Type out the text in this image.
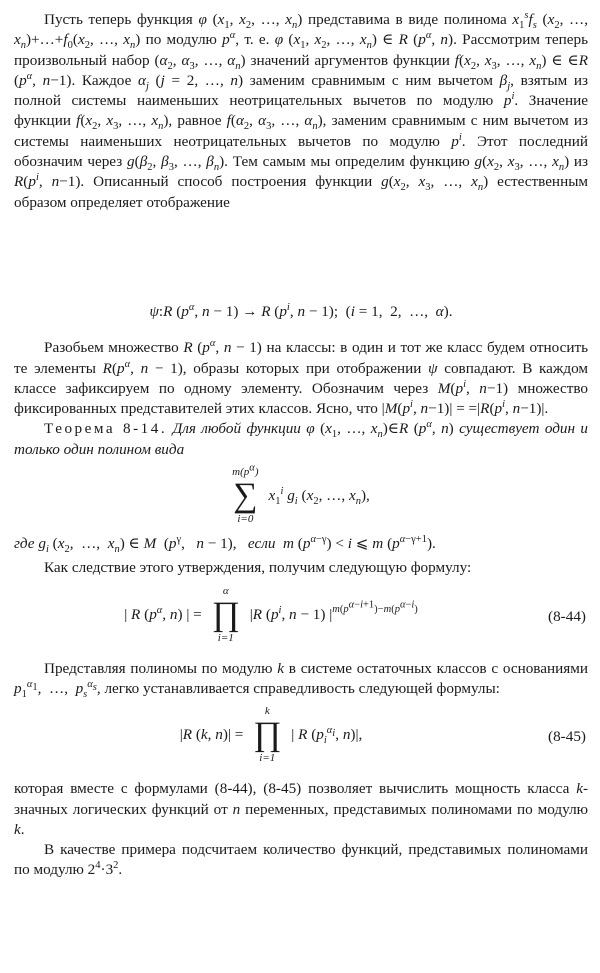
Пусть теперь функция φ ($x_1$, $x_2$, …, $x_n$) представима в виде полинома $x_1^sf_s$ ($x_2$, …, $x_n)+\dots+f_0(x_2$, …, $x_n$) по модулю $p^\alpha$, т. е. φ ($x_1$, $x_2$, …, $x_n$) ∈ R ($p^\alpha$, n). Рассмотрим теперь произвольный набор ($\alpha_2$, $\alpha_3$, …, $\alpha_n$) значений аргументов функции $f(x_2$, $x_3$, …, $x_n$) ∈ ∈R ($p^\alpha$, n−1). Каждое $\alpha_j$ (j = 2, …, n) заменим сравнимым с ним вычетом $\beta_j$, взятым из полной системы наименьших неотрицательных вычетов по модулю $p^i$. Значение функции $f(x_2$, $x_3$, …, $x_n$), равное $f(\alpha_2$, $\alpha_3$, …, $\alpha_n$), заменим сравнимым с ним вычетом из системы наименьших неотрицательных вычетов по модулю $p^i$. Этот последний обозначим через $g(\beta_2$, $\beta_3$, …, $\beta_n$). Тем самым мы определим функцию $g(x_2$, $x_3$, …, $x_n$) из $R(p^i$, n−1). Описанный способ построения функции $g(x_2$, $x_3$, …, $x_n$) естественным образом определяет отображение

ψ:R ($p^\alpha$, n − 1) → R ($p^i$, n − 1);  (i = 1,  2,  …,  α).

Разобьем множество R ($p^\alpha$, n − 1) на классы: в один и тот же класс будем относить те элементы $R(p^\alpha$, n − 1), образы которых при отображении ψ совпадают. В каждом классе зафиксируем по одному элементу. Обозначим через $M(p^i$, n−1) множество фиксированных представителей этих классов. Ясно, что $|M(p^i$, $n-1)| = =|R(p^i$, n−1)|.

Теорема 8-14. Для любой функции φ ($x_1$, …, $x_n)\in R$ ($p^\alpha$, n) существует один и только один полином вида

$m(p^\alpha)$
∑
i=0
$x_1^i$ $g_i$ ($x_2$, …, $x_n$),

где $g_i$ ($x_2$,  …,  $x_n$) ∈ M  ($p^\gamma$,   n − 1),   если m $(p^{\alpha-\gamma}) < i$ ⩽ m $(p^{\alpha-\gamma+1})$.

Как следствие этого утверждения, получим следующую формулу:

| R ($p^\alpha$, n) | =
α
∏
i=1
|R ($p^i$, n − 1) $|^{m(p^{\alpha-i+1})-m(p^{\alpha-i})}$	(8-44)

Представляя полиномы по модулю k в системе остаточных классов с основаниями $p_1^{\alpha_1}$,  …,  $p_s^{\alpha_s}$, легко устанавливается справедливость следующей формулы:

|R (k, n)| =
k
∏
i=1
| R ($p_i^{\alpha_i}$, n)|,	(8-45)

которая вместе с формулами (8-44), (8-45) позволяет вычислить мощность класса k-значных логических функций от n переменных, представимых полиномами по модулю k.

В качестве примера подсчитаем количество функций, представимых полиномами по модулю $2^4\cdot 3^2$.
